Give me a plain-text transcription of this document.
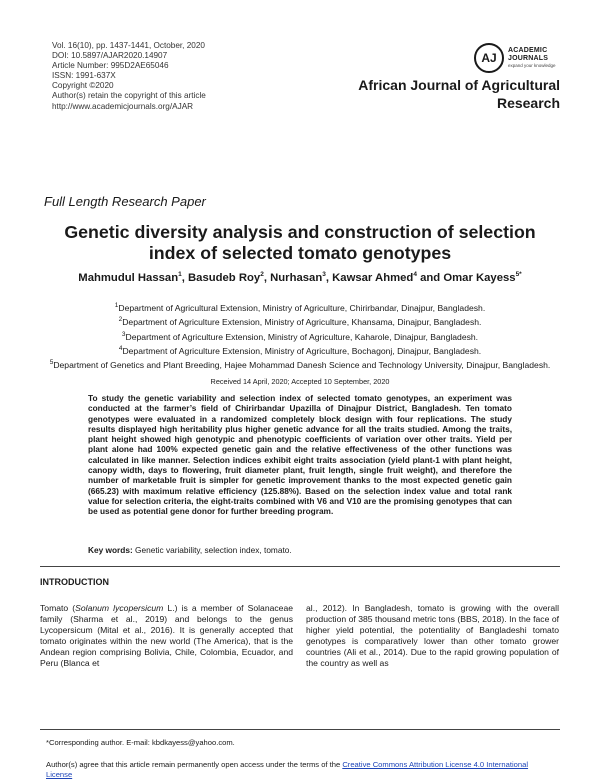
Vol. 16(10), pp. 1437-1441, October, 2020
DOI: 10.5897/AJAR2020.14907
Article Number: 995D2AE65046
ISSN: 1991-637X
Copyright ©2020
Author(s) retain the copyright of this article
http://www.academicjournals.org/AJAR
AJ
ACADEMIC
JOURNALS
expand your knowledge
African Journal of Agricultural Research
Full Length Research Paper
Genetic diversity analysis and construction of selection index of selected tomato genotypes
Mahmudul Hassan$^1$, Basudeb Roy$^2$, Nurhasan$^3$, Kawsar Ahmed$^4$ and Omar Kayess$^{5*}$
$^1$Department of Agricultural Extension, Ministry of Agriculture, Chirirbandar, Dinajpur, Bangladesh.
$^2$Department of Agriculture Extension, Ministry of Agriculture, Khansama, Dinajpur, Bangladesh.
$^3$Department of Agriculture Extension, Ministry of Agriculture, Kaharole, Dinajpur, Bangladesh.
$^4$Department of Agriculture Extension, Ministry of Agriculture, Bochagonj, Dinajpur, Bangladesh.
$^5$Department of Genetics and Plant Breeding, Hajee Mohammad Danesh Science and Technology University, Dinajpur, Bangladesh.
Received 14 April, 2020; Accepted 10 September, 2020
To study the genetic variability and selection index of selected tomato genotypes, an experiment was conducted at the farmer’s field of Chirirbandar Upazilla of Dinajpur District, Bangladesh. Ten tomato genotypes were evaluated in a randomized completely block design with four replications. The study results displayed high heritability plus higher genetic advance for all the traits studied. Among the traits, plant height showed high genotypic and phenotypic coefficients of variation over other traits. Yield per plant alone had 100% expected genetic gain and the relative effectiveness of the other functions was calculated in like manner. Selection indices exhibit eight traits association (yield plant-1 with plant height, canopy width, days to flowering, fruit diameter plant, fruit length, single fruit weight), and therefore the number of marketable fruit is simpler for genetic improvement thanks to the most expected genetic gain (665.23) with maximum relative efficiency (125.88%). Based on the selection index value and total rank value for selection criteria, the eight-traits combined with V6 and V10 are the promising genotypes that can be used as potential gene donor for further breeding program.
Key words: Genetic variability, selection index, tomato.
INTRODUCTION
Tomato (Solanum lycopersicum L.) is a member of Solanaceae family (Sharma et al., 2019) and belongs to the genus Lycopersicum (Mital et al., 2016). It is generally accepted that tomato originates within the new world (The America), that is the Andean region comprising Bolivia, Chile, Colombia, Ecuador, and Peru (Blanca et
al., 2012). In Bangladesh, tomato is growing with the overall production of 385 thousand metric tons (BBS, 2018). In the face of higher yield potential, the potentiality of Bangladeshi tomato genotypes is comparatively lower than other tomato grower countries (Ali et al., 2014). Due to the rapid growing population of the country as well as
*Corresponding author. E-mail: kbdkayess@yahoo.com.
Author(s) agree that this article remain permanently open access under the terms of the Creative Commons Attribution License 4.0 International License
